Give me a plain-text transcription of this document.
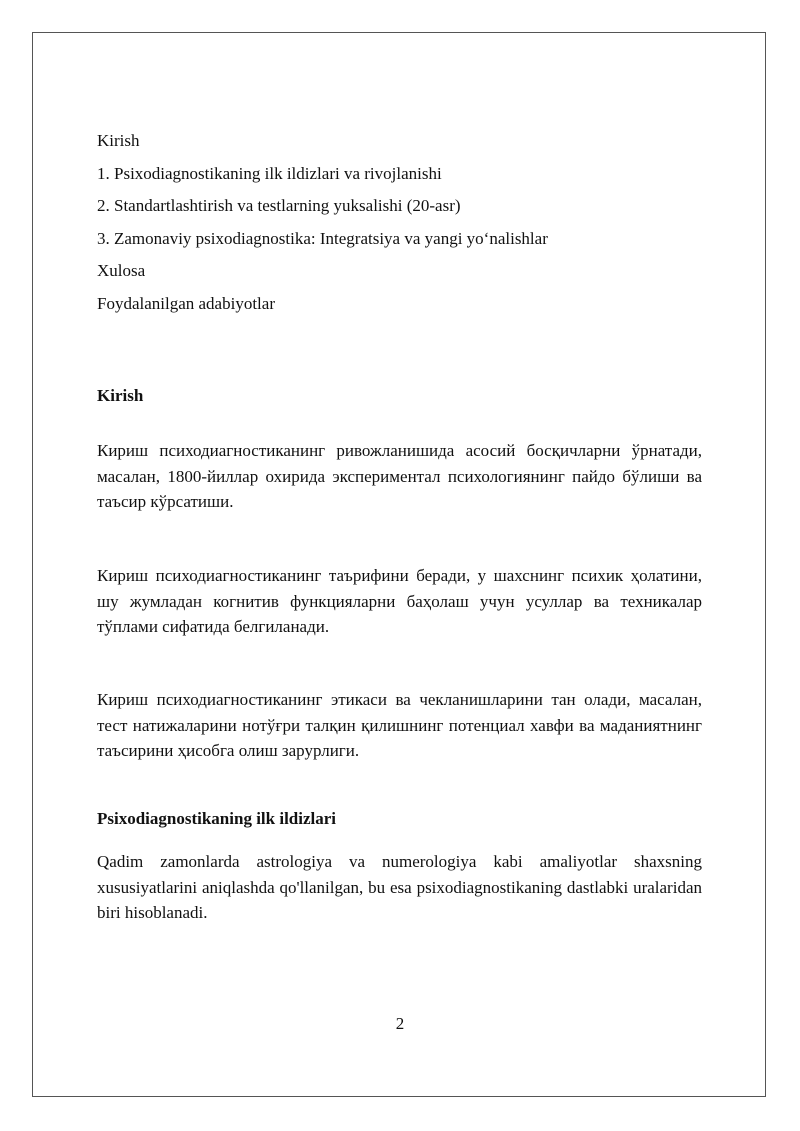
Kirish
1. Psixodiagnostikaning ilk ildizlari va rivojlanishi
2. Standartlashtirish va testlarning yuksalishi (20-asr)
3. Zamonaviy psixodiagnostika: Integratsiya va yangi yo‘nalishlar
Xulosa
Foydalanilgan adabiyotlar
Kirish

Кириш психодиагностиканинг ривожланишида асосий босқичларни ўрнатади, масалан, 1800-йиллар охирида экспериментал психологиянинг пайдо бўлиши ва таъсир кўрсатиши.

Кириш психодиагностиканинг таърифини беради, у шахснинг психик ҳолатини, шу жумладан когнитив функцияларни баҳолаш учун усуллар ва техникалар тўплами сифатида белгиланади.

Кириш психодиагностиканинг этикаси ва чекланишларини тан олади, масалан, тест натижаларини нотўғри талқин қилишнинг потенциал хавфи ва маданиятнинг таъсирини ҳисобга олиш зарурлиги.

Psixodiagnostikaning ilk ildizlari

Qadim zamonlarda astrologiya va numerologiya kabi amaliyotlar shaxsning xususiyatlarini aniqlashda qo'llanilgan, bu esa psixodiagnostikaning dastlabki uralaridan biri hisoblanadi.

2
